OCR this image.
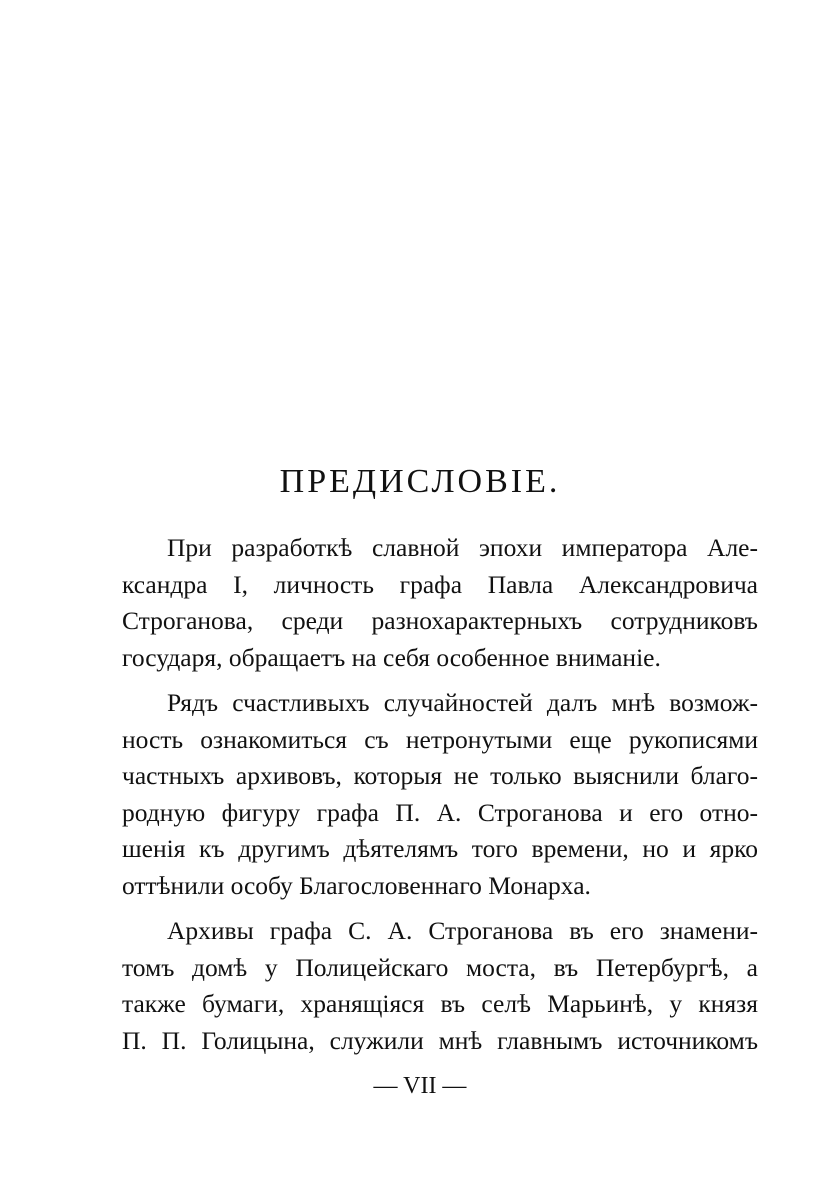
ПРЕДИСЛОВІЕ.

При разработкѣ славной эпохи императора Але-
ксандра I, личность графа Павла Александровича
Строганова, среди разнохарактерныхъ сотрудниковъ
государя, обращаетъ на себя особенное вниманіе.

Рядъ счастливыхъ случайностей далъ мнѣ возмож-
ность ознакомиться съ нетронутыми еще рукописями
частныхъ архивовъ, которыя не только выяснили благо-
родную фигуру графа П. А. Строганова и его отно-
шенія къ другимъ дѣятелямъ того времени, но и ярко
оттѣнили особу Благословеннаго Монарха.

Архивы графа С. А. Строганова въ его знамени-
томъ домѣ у Полицейскаго моста, въ Петербургѣ, а
также бумаги, хранящіяся въ селѣ Марьинѣ, у князя
П. П. Голицына, служили мнѣ главнымъ источникомъ

— VII —
